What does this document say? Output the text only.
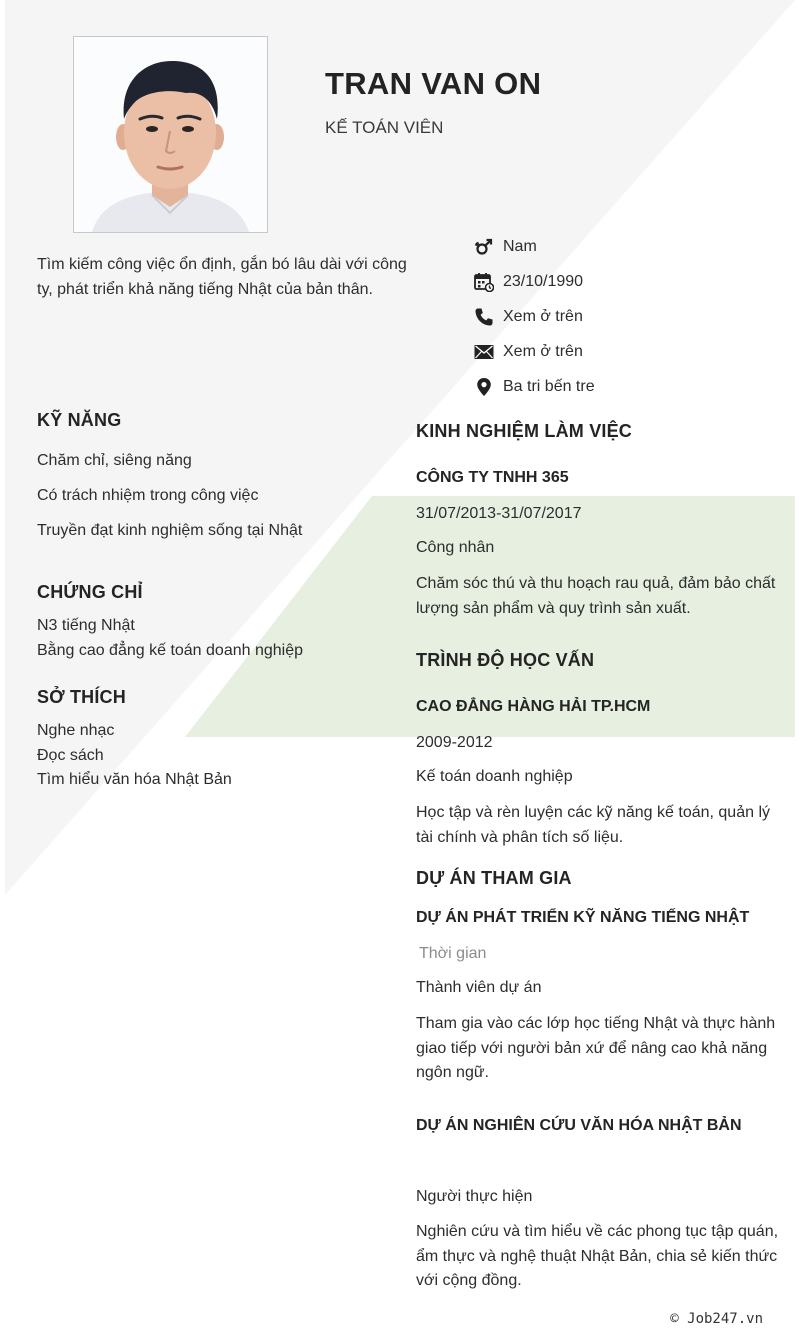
TRAN VAN ON
KẾ TOÁN VIÊN
Tìm kiếm công việc ổn định, gắn bó lâu dài với công ty, phát triển khả năng tiếng Nhật của bản thân.
Nam
23/10/1990
Xem ở trên
Xem ở trên
Ba tri bến tre
KỸ NĂNG
Chăm chỉ, siêng năng
Có trách nhiệm trong công việc
Truyền đạt kinh nghiệm sống tại Nhật
CHỨNG CHỈ
N3 tiếng Nhật
Bằng cao đẳng kế toán doanh nghiệp
SỞ THÍCH
Nghe nhạc
Đọc sách
Tìm hiểu văn hóa Nhật Bản
KINH NGHIỆM LÀM VIỆC
CÔNG TY TNHH 365
31/07/2013-31/07/2017
Công nhân
Chăm sóc thú và thu hoạch rau quả, đảm bảo chất lượng sản phẩm và quy trình sản xuất.
TRÌNH ĐỘ HỌC VẤN
CAO ĐẲNG HÀNG HẢI TP.HCM
2009-2012
Kế toán doanh nghiệp
Học tập và rèn luyện các kỹ năng kế toán, quản lý tài chính và phân tích số liệu.
DỰ ÁN THAM GIA
DỰ ÁN PHÁT TRIỂN KỸ NĂNG TIẾNG NHẬT
Thời gian
Thành viên dự án
Tham gia vào các lớp học tiếng Nhật và thực hành giao tiếp với người bản xứ để nâng cao khả năng ngôn ngữ.
DỰ ÁN NGHIÊN CỨU VĂN HÓA NHẬT BẢN
Người thực hiện
Nghiên cứu và tìm hiểu về các phong tục tập quán, ẩm thực và nghệ thuật Nhật Bản, chia sẻ kiến thức với cộng đồng.
© Job247.vn
